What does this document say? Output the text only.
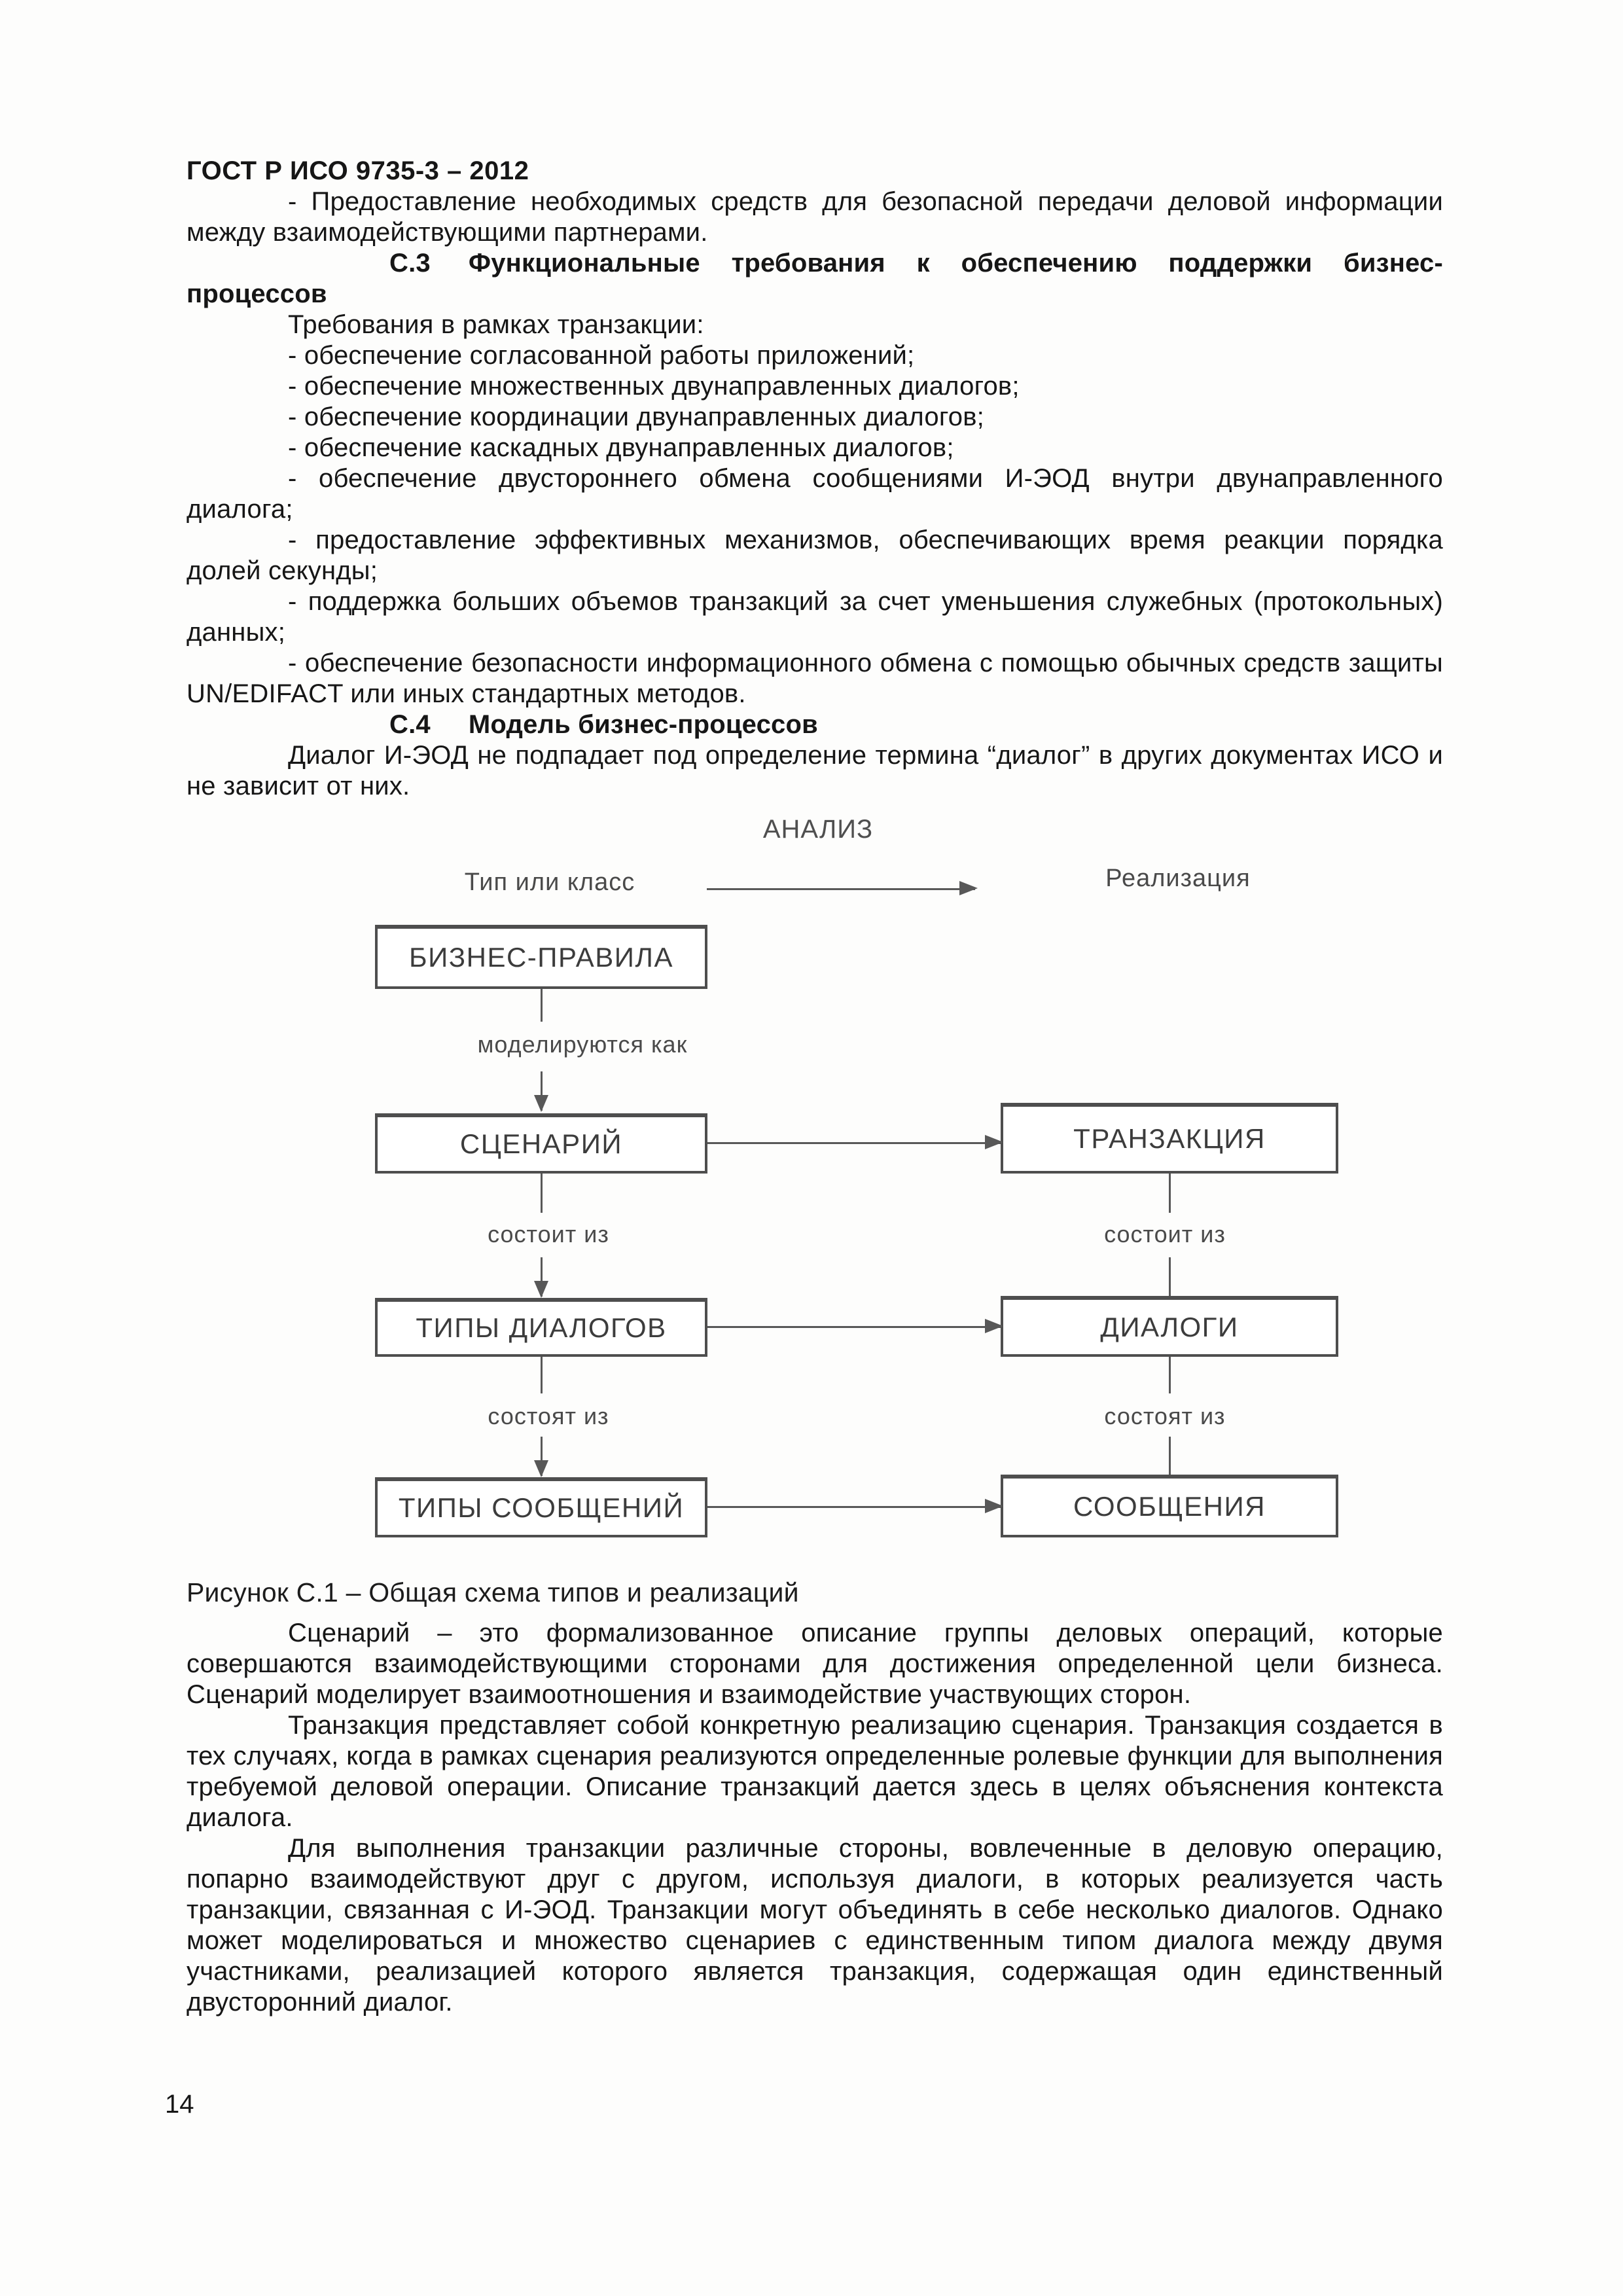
ГОСТ Р ИСО 9735-3 – 2012

- Предоставление необходимых средств для безопасной передачи деловой информации между взаимодействующими партнерами.

С.3 Функциональные требования к обеспечению поддержки бизнес-процессов

Требования в рамках транзакции:

- обеспечение согласованной работы приложений;

- обеспечение множественных двунаправленных диалогов;

- обеспечение координации двунаправленных диалогов;

- обеспечение каскадных двунаправленных диалогов;

- обеспечение двустороннего обмена сообщениями И-ЭОД внутри двунаправленного диалога;

- предоставление эффективных механизмов, обеспечивающих время реакции порядка долей секунды;

- поддержка больших объемов транзакций за счет уменьшения служебных (протокольных) данных;

- обеспечение безопасности информационного обмена с помощью обычных средств защиты UN/EDIFACT или иных стандартных методов.

С.4 Модель бизнес-процессов

Диалог И-ЭОД не подпадает под определение термина “диалог” в других документах ИСО и не зависит от них.

АНАЛИЗ
Тип или класс	Реализация
БИЗНЕС-ПРАВИЛА
моделируются как
СЦЕНАРИЙ	ТРАНЗАКЦИЯ
состоит из	состоит из
ТИПЫ ДИАЛОГОВ	ДИАЛОГИ
состоят из	состоят из
ТИПЫ СООБЩЕНИЙ	СООБЩЕНИЯ

Рисунок С.1 – Общая схема типов и реализаций

Сценарий – это формализованное описание группы деловых операций, которые совершаются взаимодействующими сторонами для достижения определенной цели бизнеса. Сценарий моделирует взаимоотношения и взаимодействие участвующих сторон.

Транзакция представляет собой конкретную реализацию сценария. Транзакция создается в тех случаях, когда в рамках сценария реализуются определенные ролевые функции для выполнения требуемой деловой операции. Описание транзакций дается здесь в целях объяснения контекста диалога.

Для выполнения транзакции различные стороны, вовлеченные в деловую операцию, попарно взаимодействуют друг с другом, используя диалоги, в которых реализуется часть транзакции, связанная с И-ЭОД. Транзакции могут объединять в себе несколько диалогов. Однако может моделироваться и множество сценариев с единственным типом диалога между двумя участниками, реализацией которого является транзакция, содержащая один единственный двусторонний диалог.

14
